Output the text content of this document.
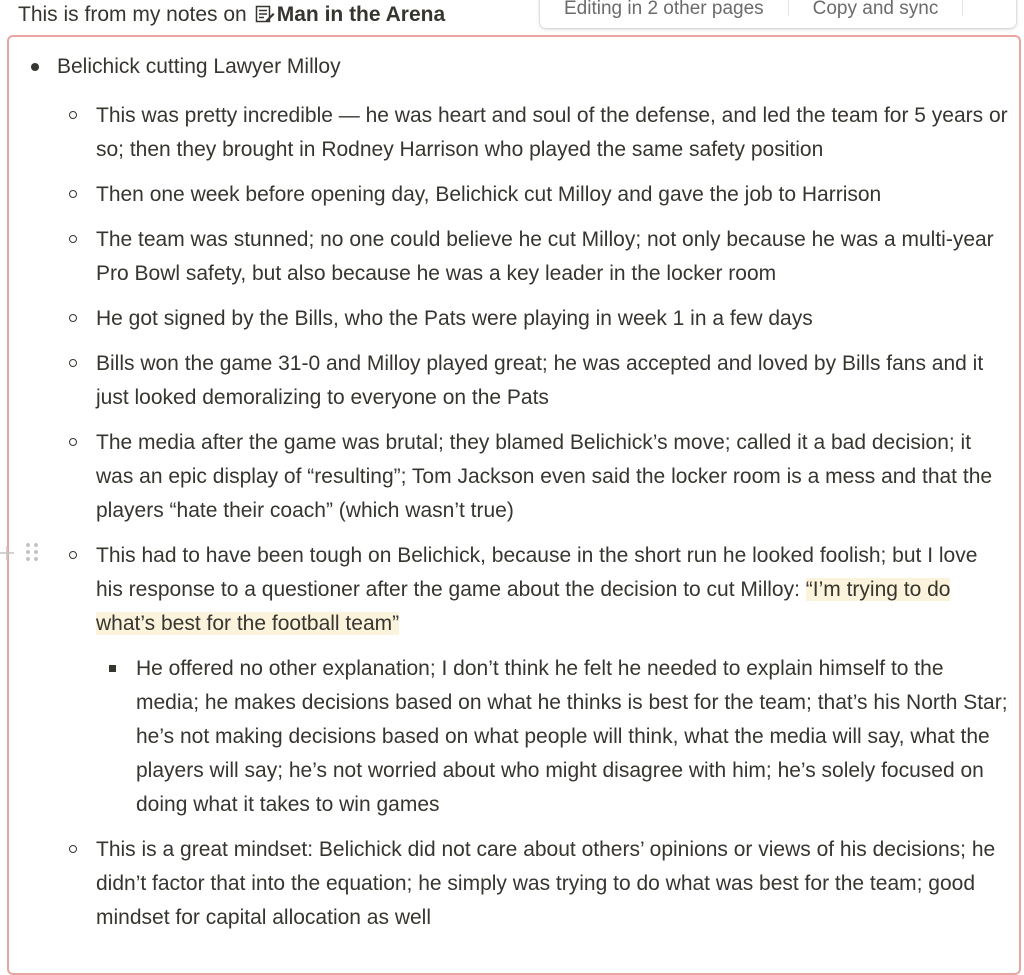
This is from my notes on Man in the Arena	Editing in 2 other pages	Copy and sync
Belichick cutting Lawyer Milloy
This was pretty incredible — he was heart and soul of the defense, and led the team for 5 years or so; then they brought in Rodney Harrison who played the same safety position
Then one week before opening day, Belichick cut Milloy and gave the job to Harrison
The team was stunned; no one could believe he cut Milloy; not only because he was a multi-year Pro Bowl safety, but also because he was a key leader in the locker room
He got signed by the Bills, who the Pats were playing in week 1 in a few days
Bills won the game 31-0 and Milloy played great; he was accepted and loved by Bills fans and it just looked demoralizing to everyone on the Pats
The media after the game was brutal; they blamed Belichick’s move; called it a bad decision; it was an epic display of “resulting”; Tom Jackson even said the locker room is a mess and that the players “hate their coach” (which wasn’t true)
This had to have been tough on Belichick, because in the short run he looked foolish; but I love his response to a questioner after the game about the decision to cut Milloy: “I’m trying to do what’s best for the football team”
He offered no other explanation; I don’t think he felt he needed to explain himself to the media; he makes decisions based on what he thinks is best for the team; that’s his North Star; he’s not making decisions based on what people will think, what the media will say, what the players will say; he’s not worried about who might disagree with him; he’s solely focused on doing what it takes to win games
This is a great mindset: Belichick did not care about others’ opinions or views of his decisions; he didn’t factor that into the equation; he simply was trying to do what was best for the team; good mindset for capital allocation as well
